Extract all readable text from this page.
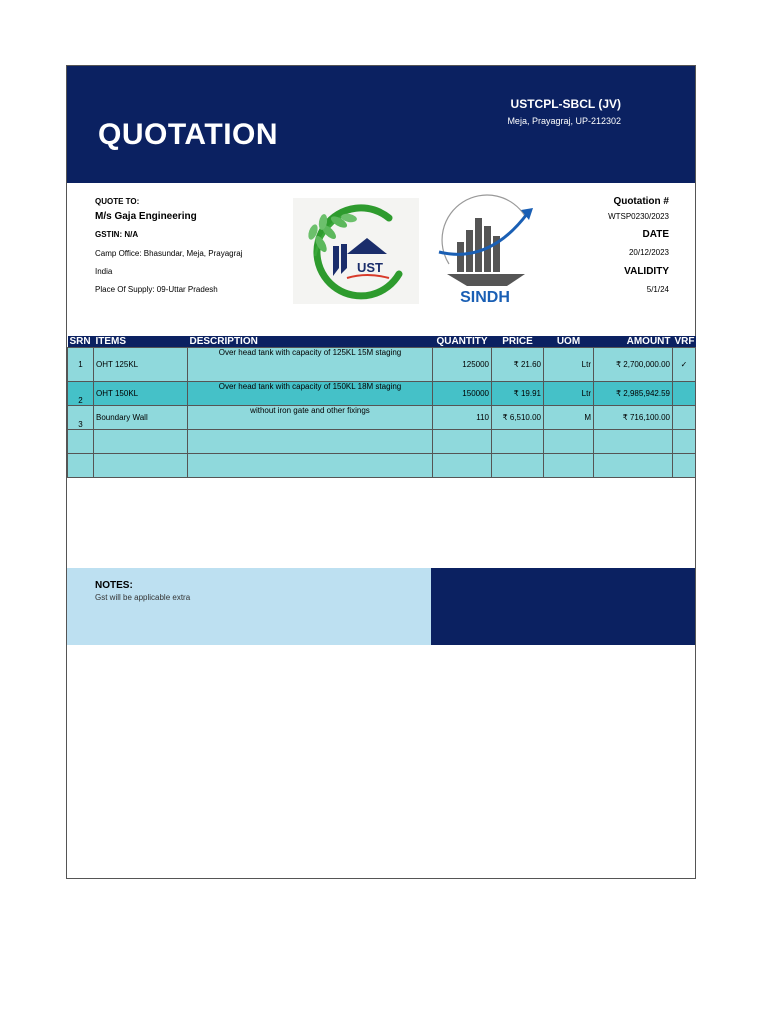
QUOTATION
USTCPL-SBCL (JV)
Meja, Prayagraj, UP-212302
QUOTE TO:
M/s Gaja Engineering
GSTIN: N/A
Camp Office: Bhasundar, Meja, Prayagraj
India
Place Of Supply: 09-Uttar Pradesh
UST
SINDH
Quotation #
WTSP0230/2023
DATE
20/12/2023
VALIDITY
5/1/24
SRN	ITEMS	DESCRIPTION	QUANTITY	PRICE	UOM	AMOUNT	VRF
1	OHT 125KL	Over head tank with capacity of 125KL 15M staging	125000	₹ 21.60	Ltr	₹ 2,700,000.00	✓
2	OHT 150KL	Over head tank with capacity of 150KL 18M staging	150000	₹ 19.91	Ltr	₹ 2,985,942.59	
3	Boundary Wall	without iron gate and other fixings	110	₹ 6,510.00	M	₹ 716,100.00	

NOTES:
Gst will be applicable extra
